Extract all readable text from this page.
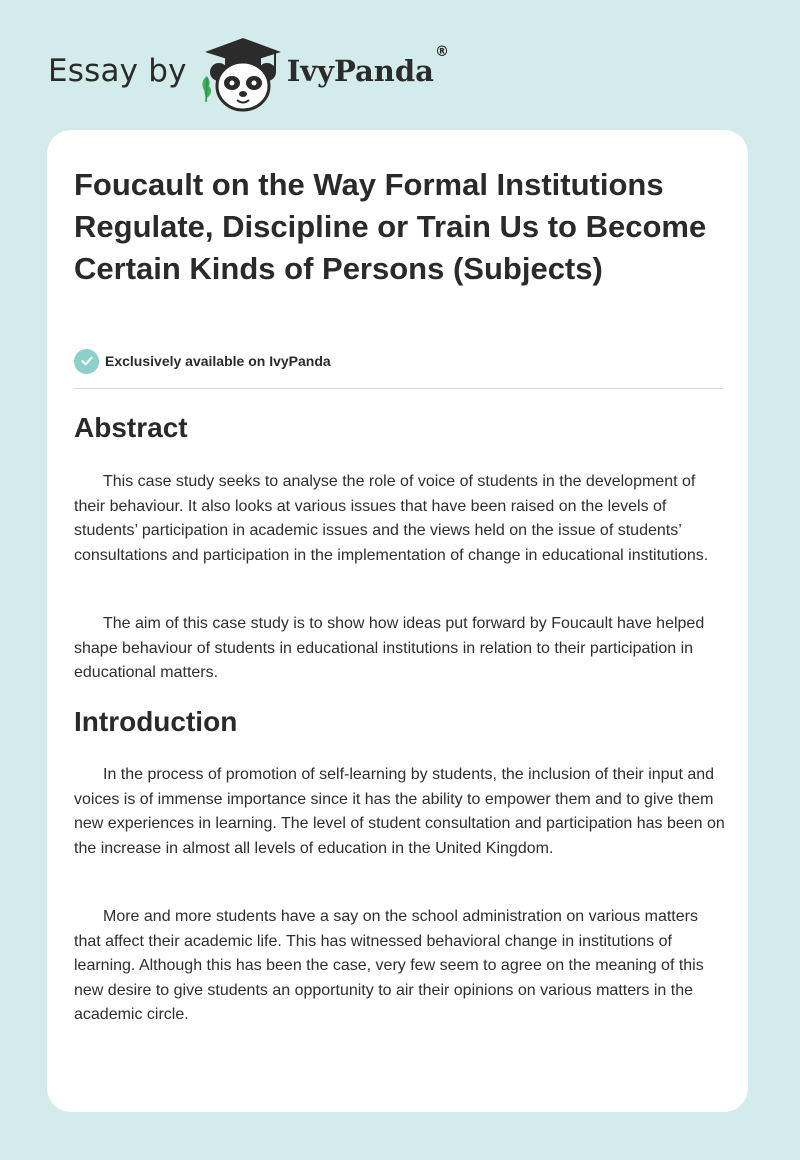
Essay by	IvyPanda®
Foucault on the Way Formal Institutions Regulate, Discipline or Train Us to Become Certain Kinds of Persons (Subjects)
Exclusively available on IvyPanda
Abstract

This case study seeks to analyse the role of voice of students in the development of their behaviour. It also looks at various issues that have been raised on the levels of students’ participation in academic issues and the views held on the issue of students’ consultations and participation in the implementation of change in educational institutions.

The aim of this case study is to show how ideas put forward by Foucault have helped shape behaviour of students in educational institutions in relation to their participation in educational matters.

Introduction

In the process of promotion of self-learning by students, the inclusion of their input and voices is of immense importance since it has the ability to empower them and to give them new experiences in learning. The level of student consultation and participation has been on the increase in almost all levels of education in the United Kingdom.

More and more students have a say on the school administration on various matters that affect their academic life. This has witnessed behavioral change in institutions of learning. Although this has been the case, very few seem to agree on the meaning of this new desire to give students an opportunity to air their opinions on various matters in the academic circle.
